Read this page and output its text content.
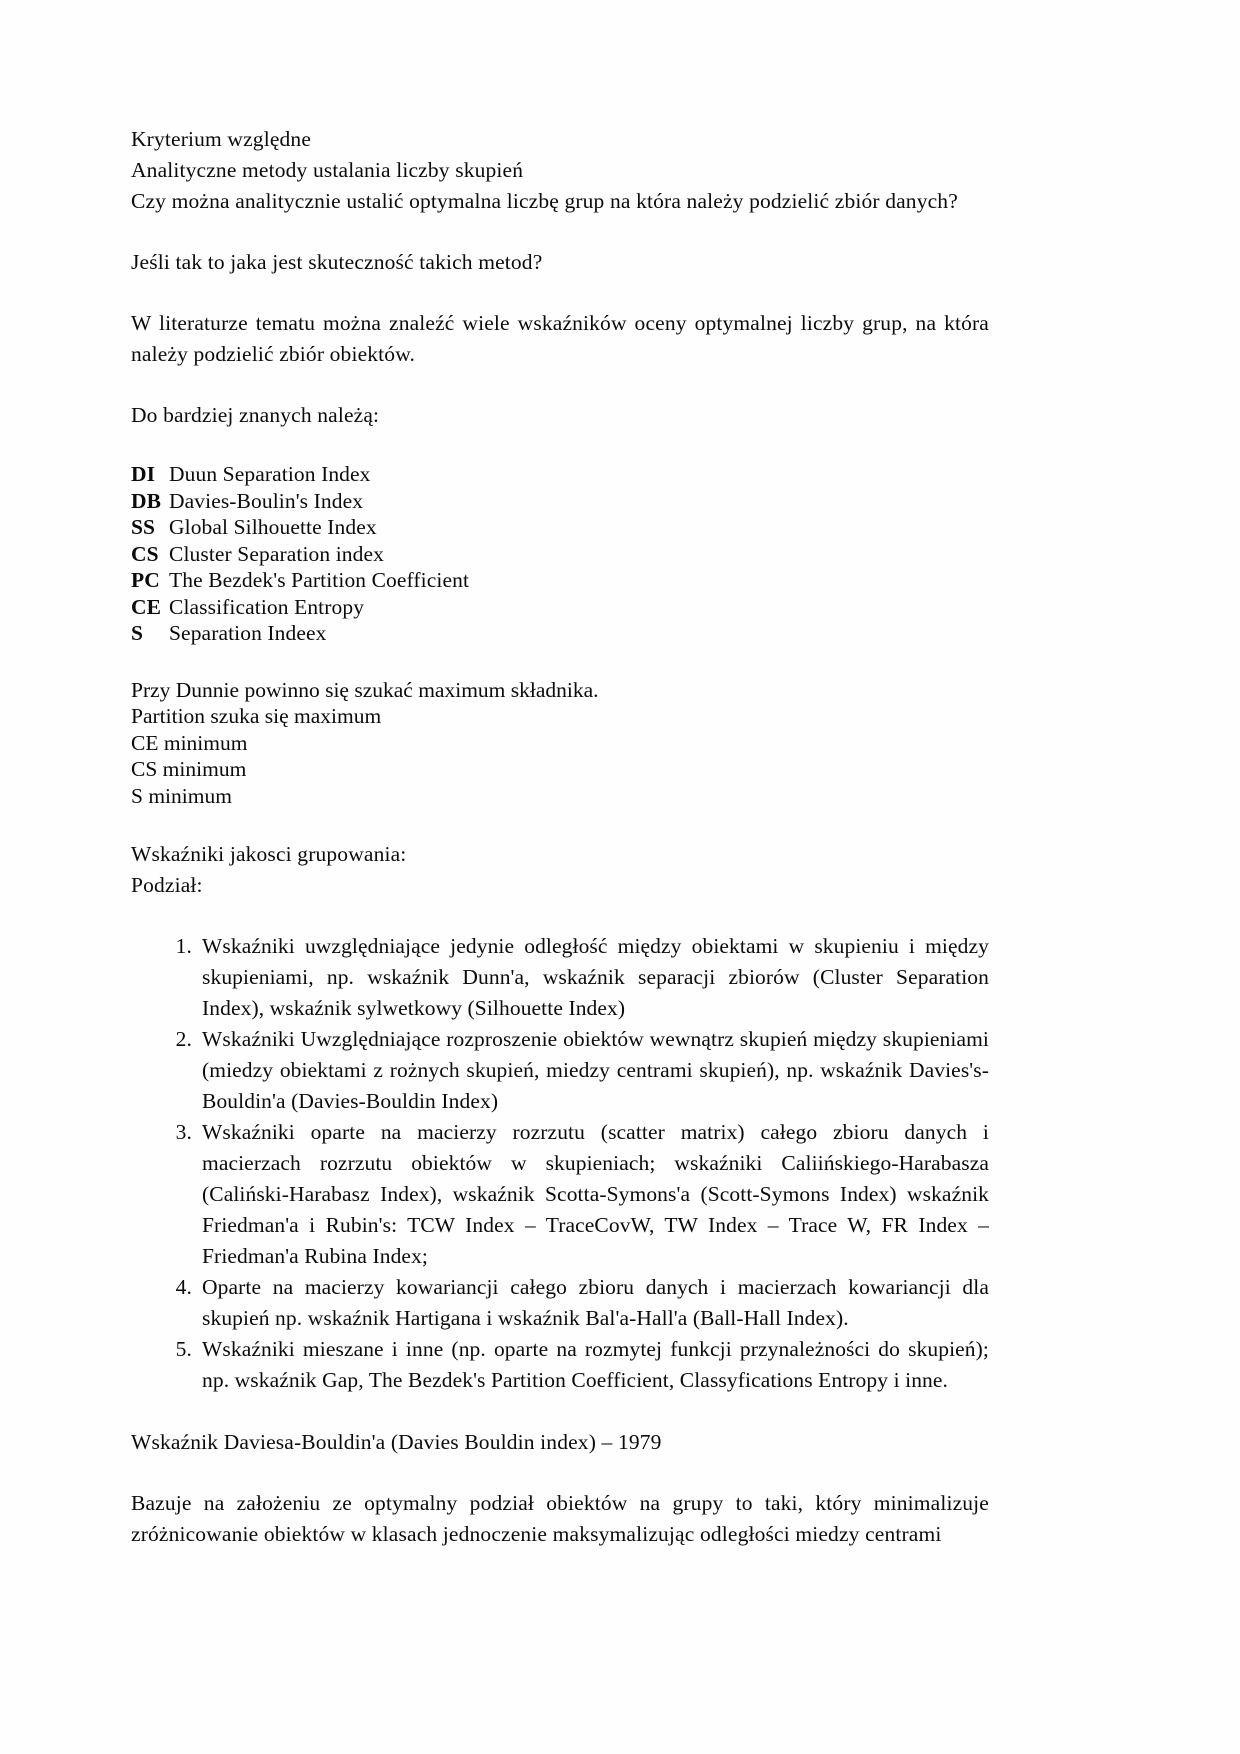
Kryterium względne
Analityczne metody ustalania liczby skupień

Czy można analitycznie ustalić optymalna liczbę grup na która należy podzielić zbiór danych?

Jeśli tak to jaka jest skuteczność takich metod?

W literaturze tematu można znaleźć wiele wskaźników oceny optymalnej liczby grup, na która należy podzielić zbiór obiektów.

Do bardziej znanych należą:

DI Duun Separation Index
DB Davies-Boulin's Index
SS Global Silhouette Index
CS Cluster Separation index
PC The Bezdek's Partition Coefficient
CE Classification Entropy
S Separation Indeex
Przy Dunnie powinno się szukać maximum składnika.
Partition szuka się maximum
CE minimum
CS minimum
S minimum
Wskaźniki jakosci grupowania:
Podział:
Wskaźniki uwzględniające jedynie odległość między obiektami w skupieniu i między skupieniami, np. wskaźnik Dunn'a, wskaźnik separacji zbiorów (Cluster Separation Index), wskaźnik sylwetkowy (Silhouette Index)
Wskaźniki Uwzględniające rozproszenie obiektów wewnątrz skupień między skupieniami (miedzy obiektami z rożnych skupień, miedzy centrami skupień), np. wskaźnik Davies's-Bouldin'a (Davies-Bouldin Index)
Wskaźniki oparte na macierzy rozrzutu (scatter matrix) całego zbioru danych i macierzach rozrzutu obiektów w skupieniach; wskaźniki Caliińskiego-Harabasza (Caliński-Harabasz Index), wskaźnik Scotta-Symons'a (Scott-Symons Index) wskaźnik Friedman'a i Rubin's: TCW Index – TraceCovW, TW Index – Trace W, FR Index – Friedman'a Rubina Index;
Oparte na macierzy kowariancji całego zbioru danych i macierzach kowariancji dla skupień np. wskaźnik Hartigana i wskaźnik Bal'a-Hall'a (Ball-Hall Index).
Wskaźniki mieszane i inne (np. oparte na rozmytej funkcji przynależności do skupień); np. wskaźnik Gap, The Bezdek's Partition Coefficient, Classyfications Entropy i inne.

Wskaźnik Daviesa-Bouldin'a (Davies Bouldin index) – 1979

Bazuje na założeniu ze optymalny podział obiektów na grupy to taki, który minimalizuje zróżnicowanie obiektów w klasach jednoczenie maksymalizując odległości miedzy centrami
